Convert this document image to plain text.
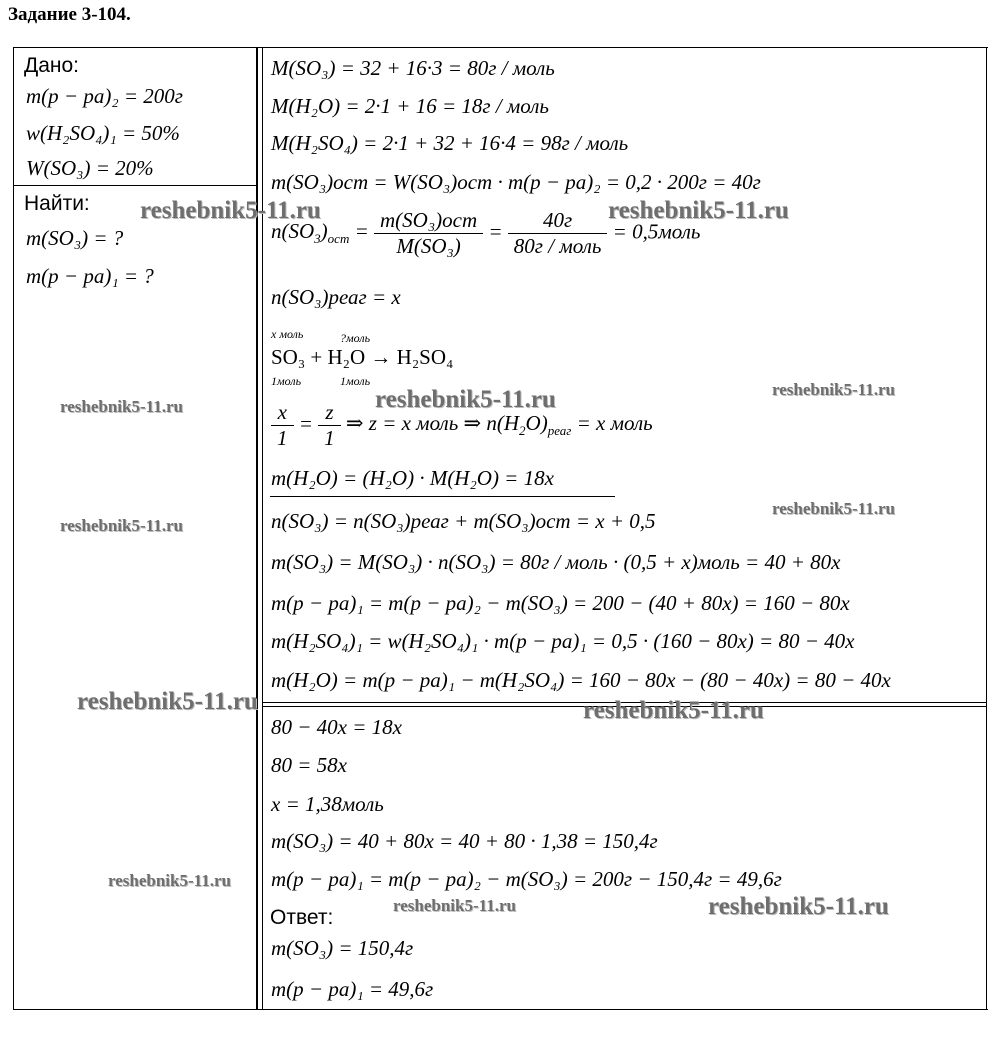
Задание 3-104.
Дано:
m(p − pa)₂ = 200г
w(H₂SO₄)₁ = 50%
W(SO₃) = 20%
Найти:
m(SO₃) = ?
m(p − pa)₁ = ?
M(SO₃) = 32 + 16·3 = 80г / моль
M(H₂O) = 2·1 + 16 = 18г / моль
M(H₂SO₄) = 2·1 + 32 + 16·4 = 98г / моль
m(SO₃)ост = W(SO₃)ост · m(p − pa)₂ = 0,2 · 200г = 40г
$n(SO_3)_{ост} = \frac{\text{m(SO₃)ост}}{\text{M(SO₃)}} = \frac{40г}{\text{80г / моль}}$ = 0,5моль
n(SO₃)реаг = x
x моль	?моль
SO₃ + H₂O → H₂SO₄
1моль	1моль
$\frac{x}{1} = \frac{z}{1}$ ⇒ z = x моль ⇒ $n(H_2O)_{реаг} = x$ моль
m(H₂O) = (H₂O) · M(H₂O) = 18x
n(SO₃) = n(SO₃)реаг + m(SO₃)ост = x + 0,5
m(SO₃) = M(SO₃) · n(SO₃) = 80г / моль · (0,5 + x)моль = 40 + 80x
m(p − pa)₁ = m(p − pa)₂ − m(SO₃) = 200 − (40 + 80x) = 160 − 80x
m(H₂SO₄)₁ = w(H₂SO₄)₁ · m(p − pa)₁ = 0,5 · (160 − 80x) = 80 − 40x
m(H₂O) = m(p − pa)₁ − m(H₂SO₄) = 160 − 80x − (80 − 40x) = 80 − 40x
80 − 40x = 18x
80 = 58x
x = 1,38моль
m(SO₃) = 40 + 80x = 40 + 80 · 1,38 = 150,4г
m(p − pa)₁ = m(p − pa)₂ − m(SO₃) = 200г − 150,4г = 49,6г
Ответ:
m(SO₃) = 150,4г
m(p − pa)₁ = 49,6г
reshebnik5-11.ru	reshebnik5-11.ru
reshebnik5-11.ru
reshebnik5-11.ru
reshebnik5-11.ru
reshebnik5-11.ru
reshebnik5-11.ru
reshebnik5-11.ru	reshebnik5-11.ru
reshebnik5-11.ru
reshebnik5-11.ru	reshebnik5-11.ru
